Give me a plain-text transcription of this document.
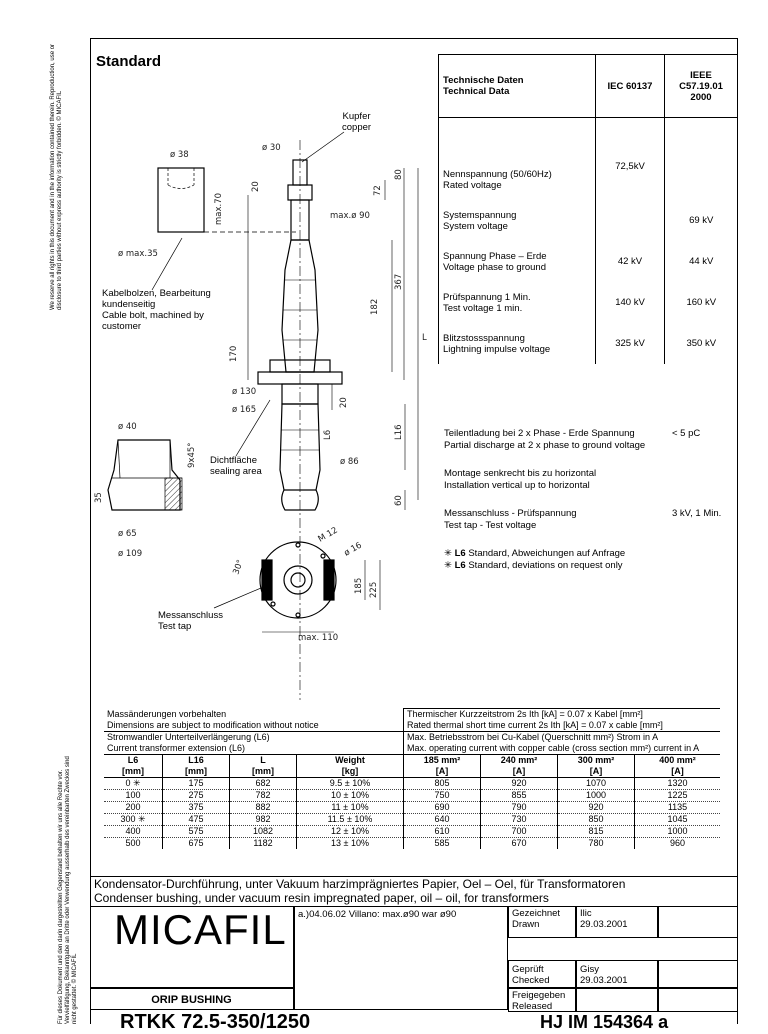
We reserve all rights in this document and in the information contained therein. Reproduction, use or disclosure to third parties without express authority is strictly forbidden. © MICAFIL
Für dieses Dokument und den darin dargestellten Gegenstand behalten wir uns alle Rechte vor. Vervielfältigung, Bekanntgabe an Dritte oder Verwendung ausserhalb des vereinbarten Zweckes sind nicht gestattet. © MICAFIL
Standard
Technische Daten
Technical Data	IEC 60137	IEEE
C57.19.01
2000

Nennspannung (50/60Hz)
Rated voltage	72,5kV	
Systemspannung
System voltage		69 kV
Spannung Phase – Erde
Voltage phase to ground	42 kV	44 kV
Prüfspannung 1 Min.
Test voltage 1 min.	140 kV	160 kV
Blitzstossspannung
Lightning impulse voltage	325 kV	350 kV
Teilentladung bei 2 x Phase - Erde Spannung
Partial discharge at 2 x phase to ground voltage
< 5 pC
Montage senkrecht bis zu horizontal
Installation vertical up to horizontal
Messanschluss - Prüfspannung
Test tap - Test voltage
3 kV, 1 Min.
✳ L6 Standard, Abweichungen auf Anfrage
✳ L6 Standard, deviations on request only
ø 38
ø 30
max.70
20	72
80
max.ø 90
ø max.35
367
182
L
170
ø 130
ø 165
20
L6	L16
ø 40
9x45°	ø 86
60
35
ø 65
ø 109
M 12
ø 16
30°
185 225
max. 110
Kupfer
copper
Kabelbolzen, Bearbeitung
kundenseitig
Cable bolt, machined by
customer
Dichtfläche
sealing area
Messanschluss
Test tap
Massänderungen vorbehalten				Thermischer Kurzzeitstrom 2s Ith [kA] = 0.07 x Kabel [mm²]			
Dimensions are subject to modification without notice				Rated thermal short time current 2s Ith [kA] = 0.07 x cable [mm²]			
Stromwandler Unterteilverlängerung (L6)				Max. Betriebsstrom bei Cu-Kabel (Querschnitt mm²) Strom in A			
Current transformer extension (L6)				Max. operating current with copper cable (cross section mm²) current in A			
L6	L16	L	Weight	185 mm²	240 mm²	300 mm²	400 mm²
[mm]	[mm]	[mm]	[kg]	[A]	[A]	[A]	[A]
0 ✳	175	682	9.5 ± 10%	805	920	1070	1320
100	275	782	10 ± 10%	750	855	1000	1225
200	375	882	11 ± 10%	690	790	920	1135
300 ✳	475	982	11.5 ± 10%	640	730	850	1045
400	575	1082	12 ± 10%	610	700	815	1000
500	675	1182	13 ± 10%	585	670	780	960
Kondensator-Durchführung, unter Vakuum harzimprägniertes Papier, Oel – Oel, für Transformatoren
Condenser bushing, under vacuum resin impregnated paper, oil – oil, for transformers
MICAFIL
ORIP BUSHING
RTKK 72.5-350/1250
a.)04.06.02 Villano: max.ø90 war ø90	Gezeichnet
Drawn
Ilic
29.03.2001
Geprüft
Checked
Gisy
29.03.2001
Freigegeben
Released
HJ IM 154364 a
